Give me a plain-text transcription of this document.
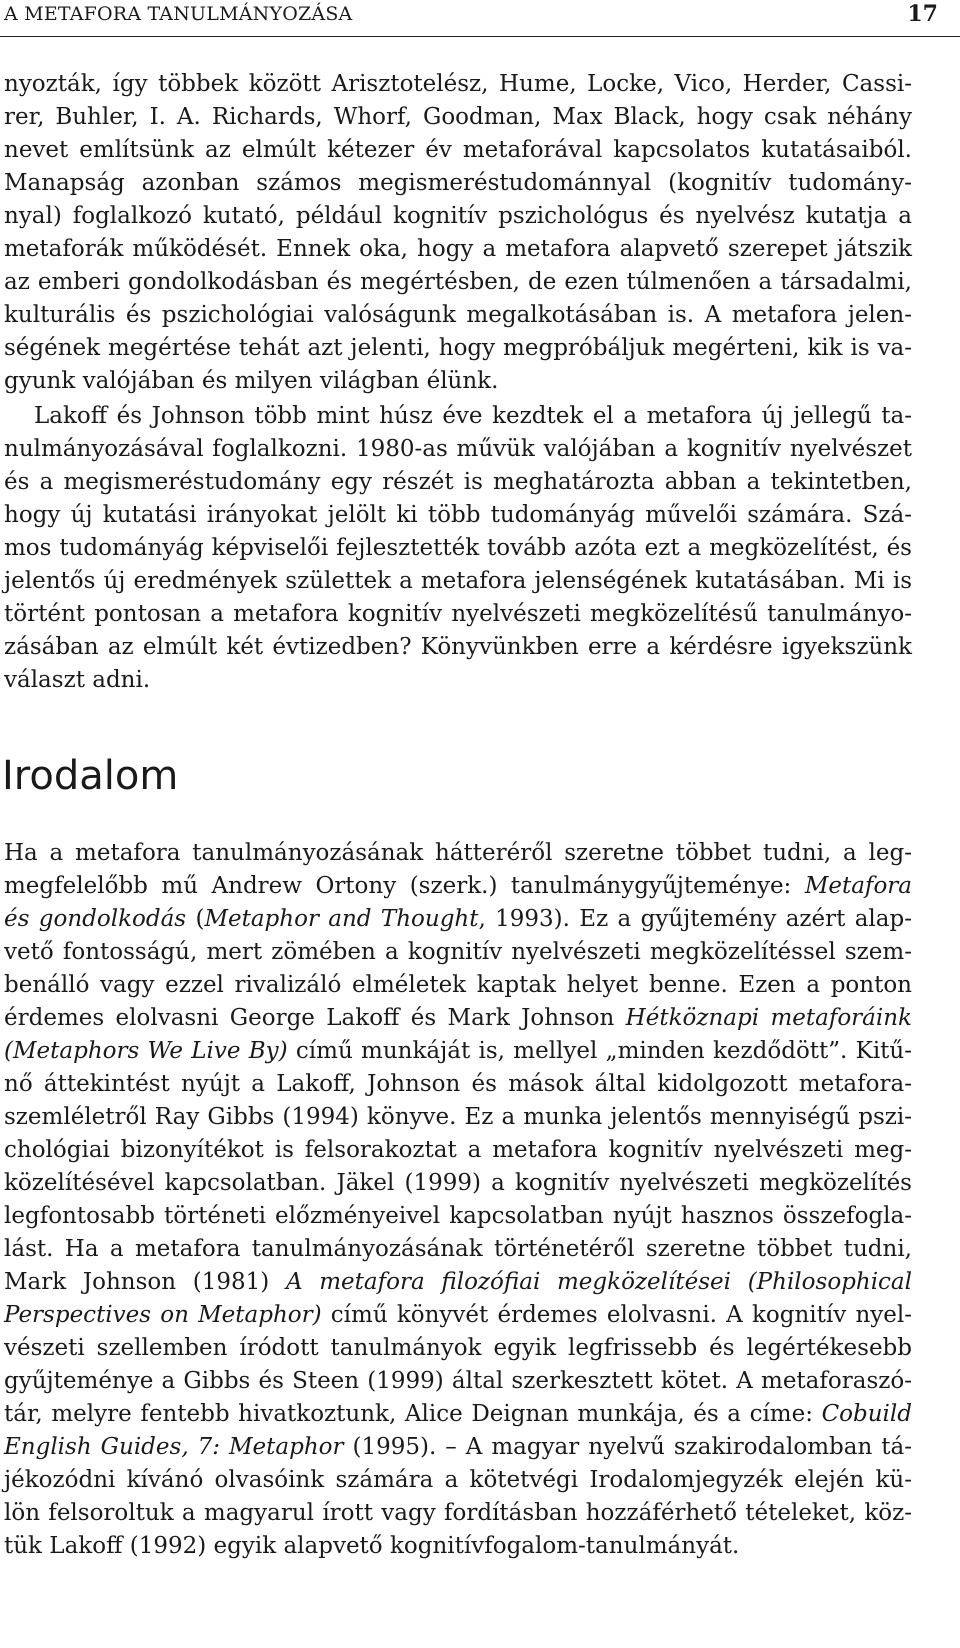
A METAFORA TANULMÁNYOZÁSA	17

nyozták, így többek között Arisztotelész, Hume, Locke, Vico, Herder, Cassi-
rer, Buhler, I. A. Richards, Whorf, Goodman, Max Black, hogy csak néhány
nevet említsünk az elmúlt kétezer év metaforával kapcsolatos kutatásaiból.
Manapság azonban számos megismeréstudománnyal (kognitív tudomány-
nyal) foglalkozó kutató, például kognitív pszichológus és nyelvész kutatja a
metaforák működését. Ennek oka, hogy a metafora alapvető szerepet játszik
az emberi gondolkodásban és megértésben, de ezen túlmenően a társadalmi,
kulturális és pszichológiai valóságunk megalkotásában is. A metafora jelen-
ségének megértése tehát azt jelenti, hogy megpróbáljuk megérteni, kik is va-
gyunk valójában és milyen világban élünk.

Lakoff és Johnson több mint húsz éve kezdtek el a metafora új jellegű ta-
nulmányozásával foglalkozni. 1980-as művük valójában a kognitív nyelvészet
és a megismeréstudomány egy részét is meghatározta abban a tekintetben,
hogy új kutatási irányokat jelölt ki több tudományág művelői számára. Szá-
mos tudományág képviselői fejlesztették tovább azóta ezt a megközelítést, és
jelentős új eredmények születtek a metafora jelenségének kutatásában. Mi is
történt pontosan a metafora kognitív nyelvészeti megközelítésű tanulmányo-
zásában az elmúlt két évtizedben? Könyvünkben erre a kérdésre igyekszünk
választ adni.

Irodalom

Ha a metafora tanulmányozásának hátteréről szeretne többet tudni, a leg-
megfelelőbb mű Andrew Ortony (szerk.) tanulmánygyűjteménye: Metafora
és gondolkodás (Metaphor and Thought, 1993). Ez a gyűjtemény azért alap-
vető fontosságú, mert zömében a kognitív nyelvészeti megközelítéssel szem-
benálló vagy ezzel rivalizáló elméletek kaptak helyet benne. Ezen a ponton
érdemes elolvasni George Lakoff és Mark Johnson Hétköznapi metaforáink
(Metaphors We Live By) című munkáját is, mellyel „minden kezdődött”. Kitű-
nő áttekintést nyújt a Lakoff, Johnson és mások által kidolgozott metafora-
szemléletről Ray Gibbs (1994) könyve. Ez a munka jelentős mennyiségű pszi-
chológiai bizonyítékot is felsorakoztat a metafora kognitív nyelvészeti meg-
közelítésével kapcsolatban. Jäkel (1999) a kognitív nyelvészeti megközelítés
legfontosabb történeti előzményeivel kapcsolatban nyújt hasznos összefogla-
lást. Ha a metafora tanulmányozásának történetéről szeretne többet tudni,
Mark Johnson (1981) A metafora filozófiai megközelítései (Philosophical
Perspectives on Metaphor) című könyvét érdemes elolvasni. A kognitív nyel-
vészeti szellemben íródott tanulmányok egyik legfrissebb és legértékesebb
gyűjteménye a Gibbs és Steen (1999) által szerkesztett kötet. A metaforaszó-
tár, melyre fentebb hivatkoztunk, Alice Deignan munkája, és a címe: Cobuild
English Guides, 7: Metaphor (1995). – A magyar nyelvű szakirodalomban tá-
jékozódni kívánó olvasóink számára a kötetvégi Irodalomjegyzék elején kü-
lön felsoroltuk a magyarul írott vagy fordításban hozzáférhető tételeket, köz-
tük Lakoff (1992) egyik alapvető kognitívfogalom-tanulmányát.
